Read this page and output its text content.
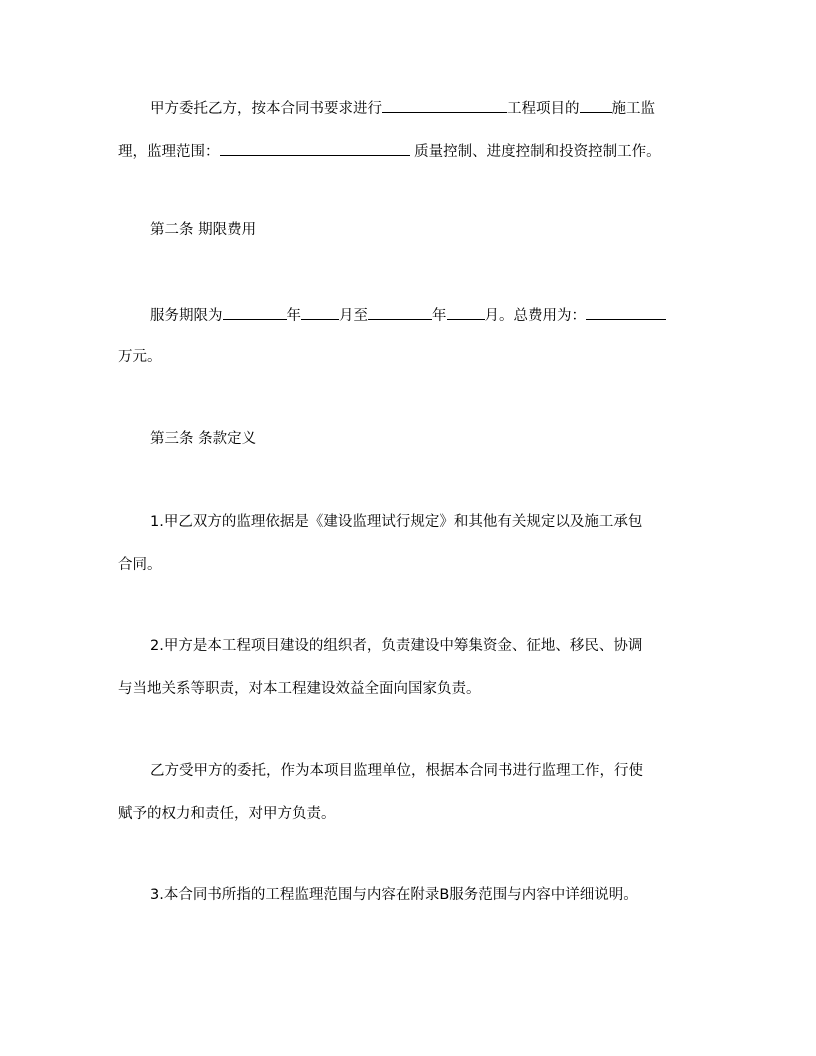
甲方委托乙方，按本合同书要求进行	工程项目的 施工监
理，监理范围：	质量控制、进度控制和投资控制工作。
第二条 期限费用
服务期限为	年	月至	年	月。总费用为：
万元。
第三条 条款定义
1.甲乙双方的监理依据是《建设监理试行规定》和其他有关规定以及施工承包
合同。
2.甲方是本工程项目建设的组织者，负责建设中筹集资金、征地、移民、协调
与当地关系等职责，对本工程建设效益全面向国家负责。
乙方受甲方的委托，作为本项目监理单位，根据本合同书进行监理工作，行使
赋予的权力和责任，对甲方负责。
3.本合同书所指的工程监理范围与内容在附录B服务范围与内容中详细说明。
